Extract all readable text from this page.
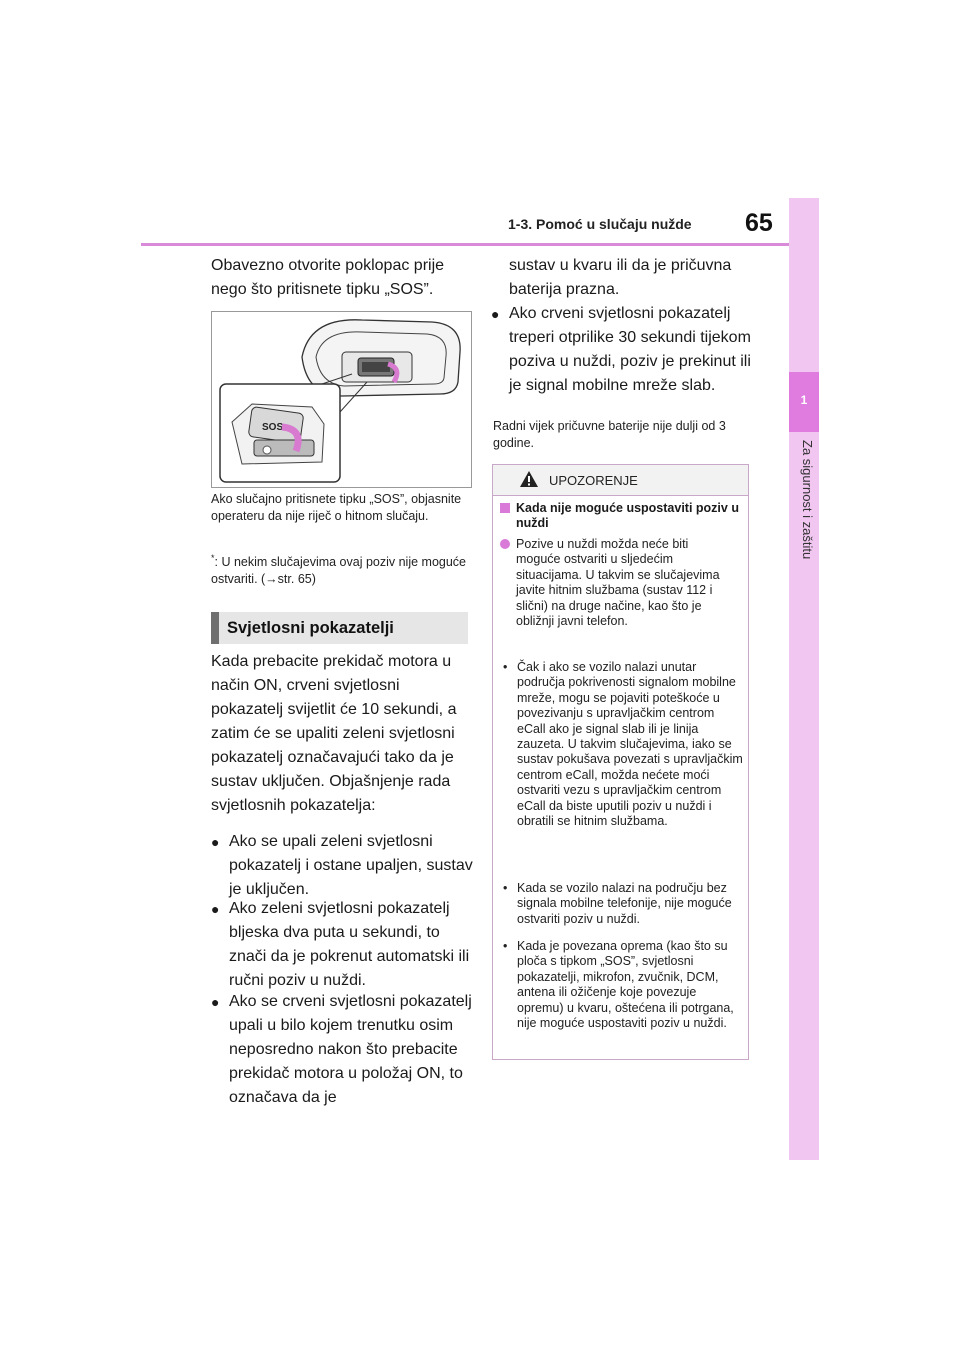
1-3. Pomoć u slučaju nužde 65
1
Za sigurnost i zaštitu
Obavezno otvorite poklopac prije nego što pritisnete tipku „SOS”.
SOS
Ako slučajno pritisnete tipku „SOS”, objasnite operateru da nije riječ o hitnom slučaju.
*: U nekim slučajevima ovaj poziv nije moguće ostvariti. (→str. 65)
Svjetlosni pokazatelji
Kada prebacite prekidač motora u način ON, crveni svjetlosni pokazatelj svijetlit će 10 sekundi, a zatim će se upaliti zeleni svjetlosni pokazatelj označavajući tako da je sustav uključen. Objašnjenje rada svjetlosnih pokazatelja:
● Ako se upali zeleni svjetlosni pokazatelj i ostane upaljen, sustav je uključen.
● Ako zeleni svjetlosni pokazatelj bljeska dva puta u sekundi, to znači da je pokrenut automatski ili ručni poziv u nuždi.
● Ako se crveni svjetlosni pokazatelj upali u bilo kojem trenutku osim neposredno nakon što prebacite prekidač motora u položaj ON, to označava da je
sustav u kvaru ili da je pričuvna baterija prazna.
● Ako crveni svjetlosni pokazatelj treperi otprilike 30 sekundi tijekom poziva u nuždi, poziv je prekinut ili je signal mobilne mreže slab.
Radni vijek pričuvne baterije nije dulji od 3 godine.
UPOZORENJE
Kada nije moguće uspostaviti poziv u nuždi
Pozive u nuždi možda neće biti moguće ostvariti u sljedećim situacijama. U takvim se slučajevima javite hitnim službama (sustav 112 i slični) na druge načine, kao što je obližnji javni telefon.
• Čak i ako se vozilo nalazi unutar područja pokrivenosti signalom mobilne mreže, mogu se pojaviti poteškoće u povezivanju s upravljačkim centrom eCall ako je signal slab ili je linija zauzeta. U takvim slučajevima, iako se sustav pokušava povezati s upravljačkim centrom eCall, možda nećete moći ostvariti vezu s upravljačkim centrom eCall da biste uputili poziv u nuždi i obratili se hitnim službama.
• Kada se vozilo nalazi na području bez signala mobilne telefonije, nije moguće ostvariti poziv u nuždi.
• Kada je povezana oprema (kao što su ploča s tipkom „SOS”, svjetlosni pokazatelji, mikrofon, zvučnik, DCM, antena ili ožičenje koje povezuje opremu) u kvaru, oštećena ili potrgana, nije moguće uspostaviti poziv u nuždi.
